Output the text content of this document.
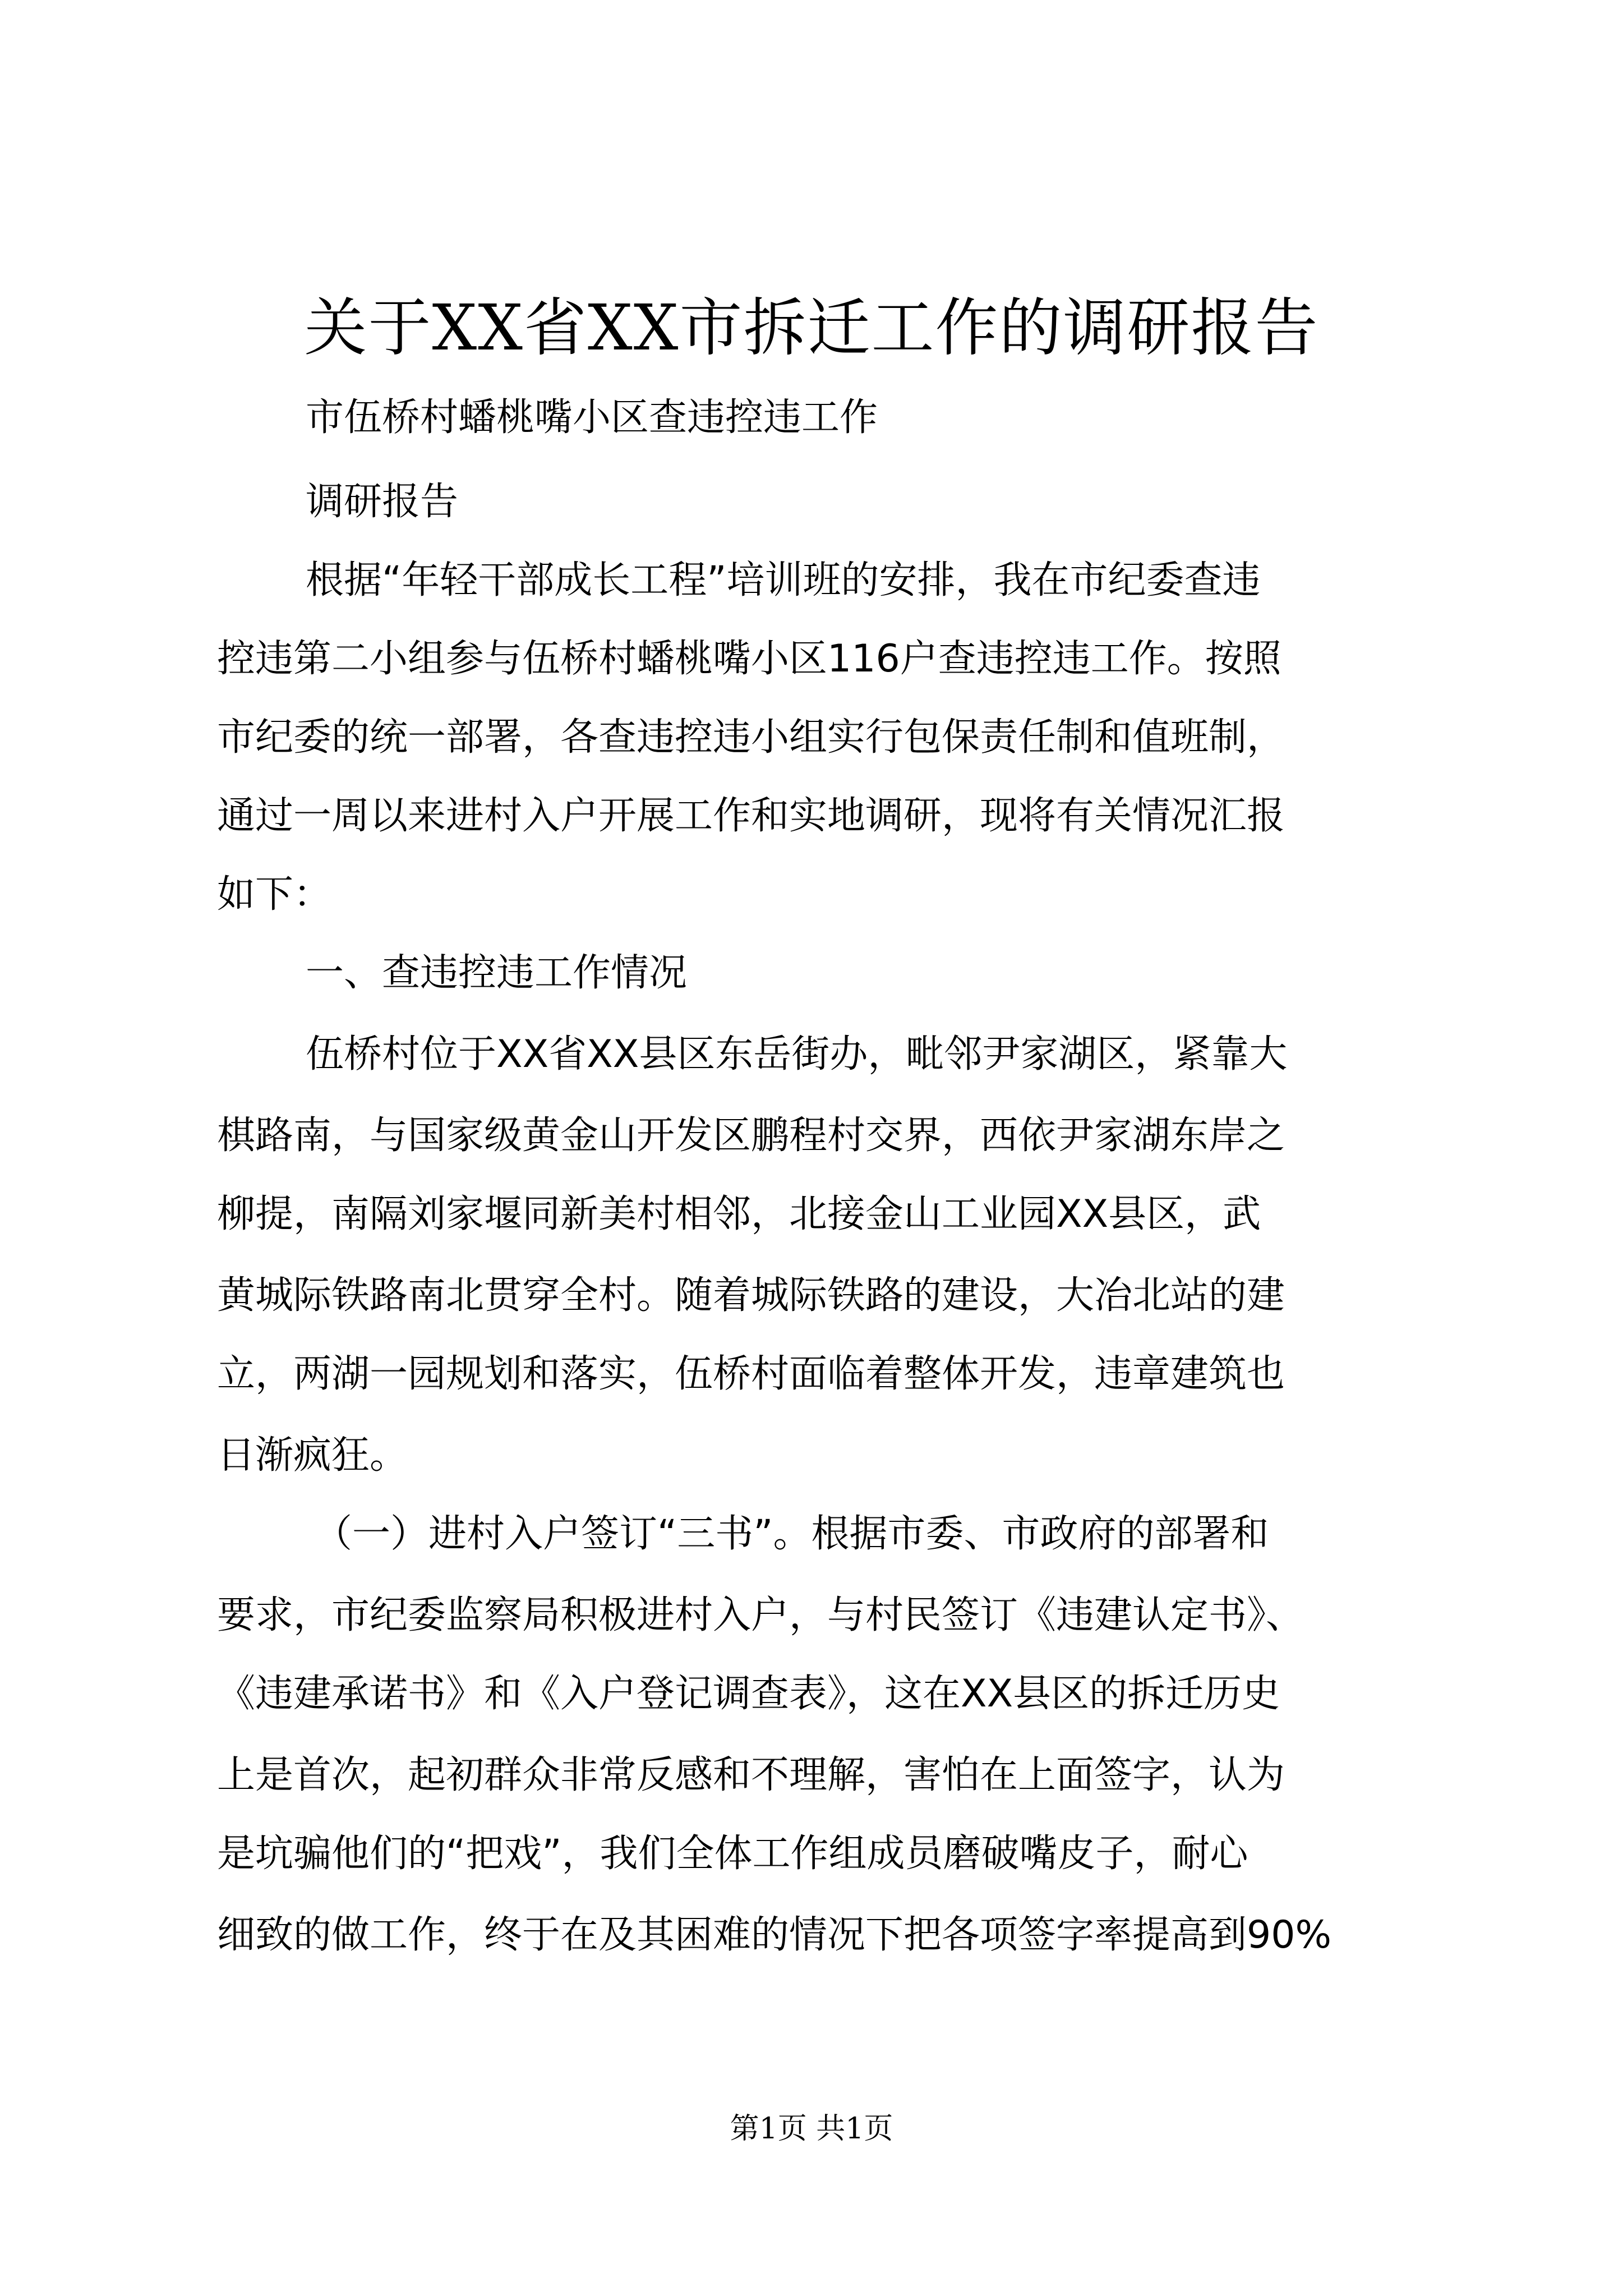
关于XX省XX市拆迁工作的调研报告
市伍桥村蟠桃嘴小区查违控违工作
调研报告
根据“年轻干部成长工程”培训班的安排，我在市纪委查违
控违第二小组参与伍桥村蟠桃嘴小区116户查违控违工作。按照
市纪委的统一部署，各查违控违小组实行包保责任制和值班制，
通过一周以来进村入户开展工作和实地调研，现将有关情况汇报
如下：
一、查违控违工作情况
伍桥村位于XX省XX县区东岳街办，毗邻尹家湖区，紧靠大
棋路南，与国家级黄金山开发区鹏程村交界，西依尹家湖东岸之
柳提，南隔刘家堰同新美村相邻，北接金山工业园XX县区，武
黄城际铁路南北贯穿全村。随着城际铁路的建设，大冶北站的建
立，两湖一园规划和落实，伍桥村面临着整体开发，违章建筑也
日渐疯狂。
（一）进村入户签订“三书”。根据市委、市政府的部署和
要求，市纪委监察局积极进村入户，与村民签订《违建认定书》、
《违建承诺书》和《入户登记调查表》，这在XX县区的拆迁历史
上是首次，起初群众非常反感和不理解，害怕在上面签字，认为
是坑骗他们的“把戏”，我们全体工作组成员磨破嘴皮子，耐心
细致的做工作，终于在及其困难的情况下把各项签字率提高到90%
第1页 共1页
